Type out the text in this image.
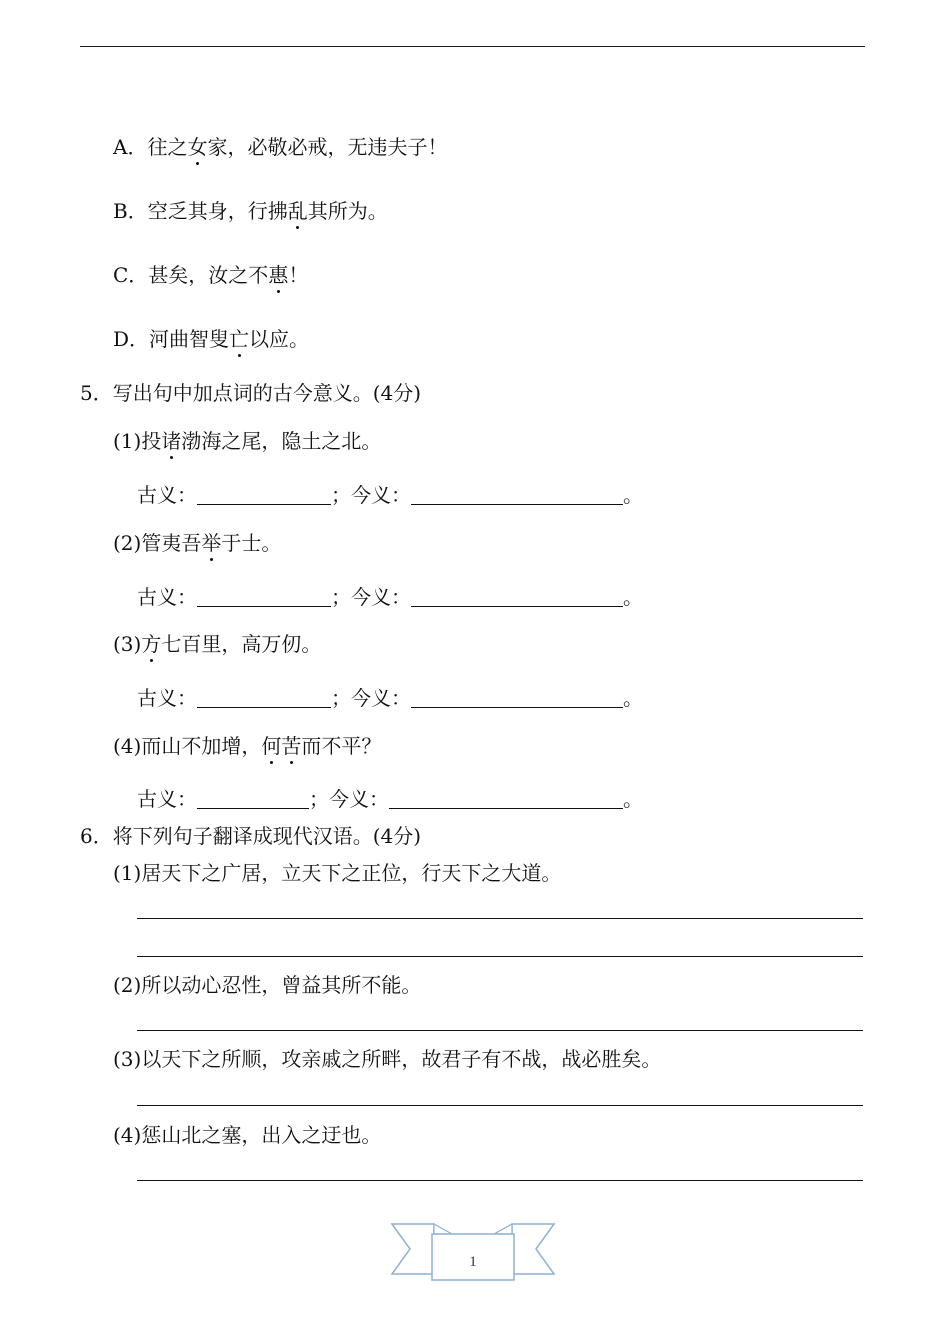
A．往之女家，必敬必戒，无违夫子！
B．空乏其身，行拂乱其所为。
C．甚矣，汝之不惠！
D．河曲智叟亡以应。
5．写出句中加点词的古今意义。(4分)
(1)投诸渤海之尾，隐土之北。
古义：	；今义：	。
(2)管夷吾举于士。
古义：	；今义：	。
(3)方七百里，高万仞。
古义：	；今义：	。
(4)而山不加增，何苦而不平？
古义：	；今义：	。
6．将下列句子翻译成现代汉语。(4分)
(1)居天下之广居，立天下之正位，行天下之大道。
(2)所以动心忍性，曾益其所不能。
(3)以天下之所顺，攻亲戚之所畔，故君子有不战，战必胜矣。
(4)惩山北之塞，出入之迂也。
1
